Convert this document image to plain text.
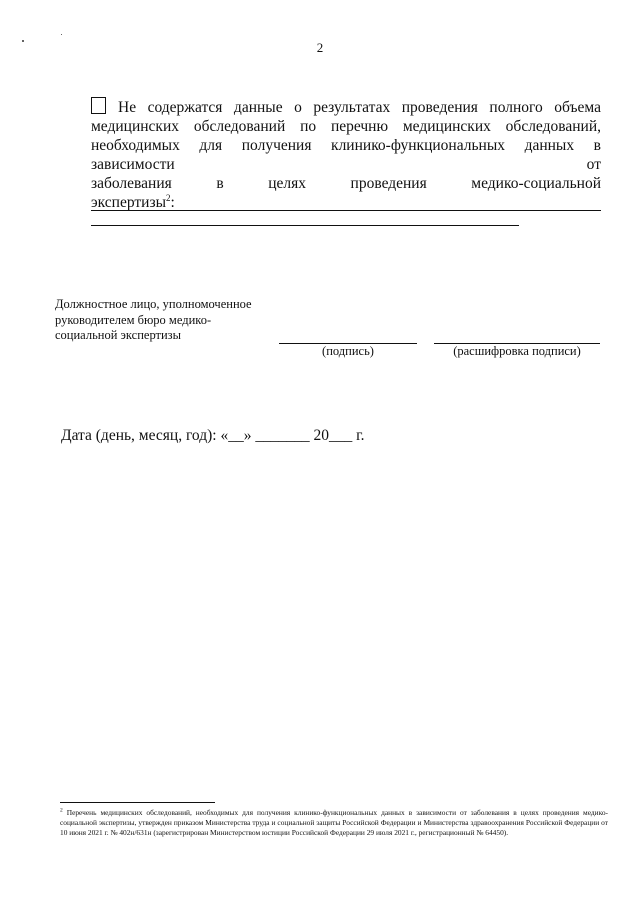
2
Не содержатся данные о результатах проведения полного объема
медицинских обследований по перечню медицинских обследований,
необходимых для получения клинико-функциональных данных в зависимости от
заболевания в целях проведения медико-социальной
экспертизы$^2$:
Должностное лицо, уполномоченное
руководителем бюро медико-
социальной экспертизы
(подпись)	(расшифровка подписи)
Дата (день, месяц, год): «__» _______ 20___ г.
$^2$ Перечень медицинских обследований, необходимых для получения клинико-функциональных данных в зависимости от заболевания в целях проведения медико-социальной экспертизы, утвержден приказом Министерства труда и социальной защиты Российской Федерации и Министерства здравоохранения Российской Федерации от 10 июня 2021 г. № 402н/631н (зарегистрирован Министерством юстиции Российской Федерации 29 июля 2021 г., регистрационный № 64450).
